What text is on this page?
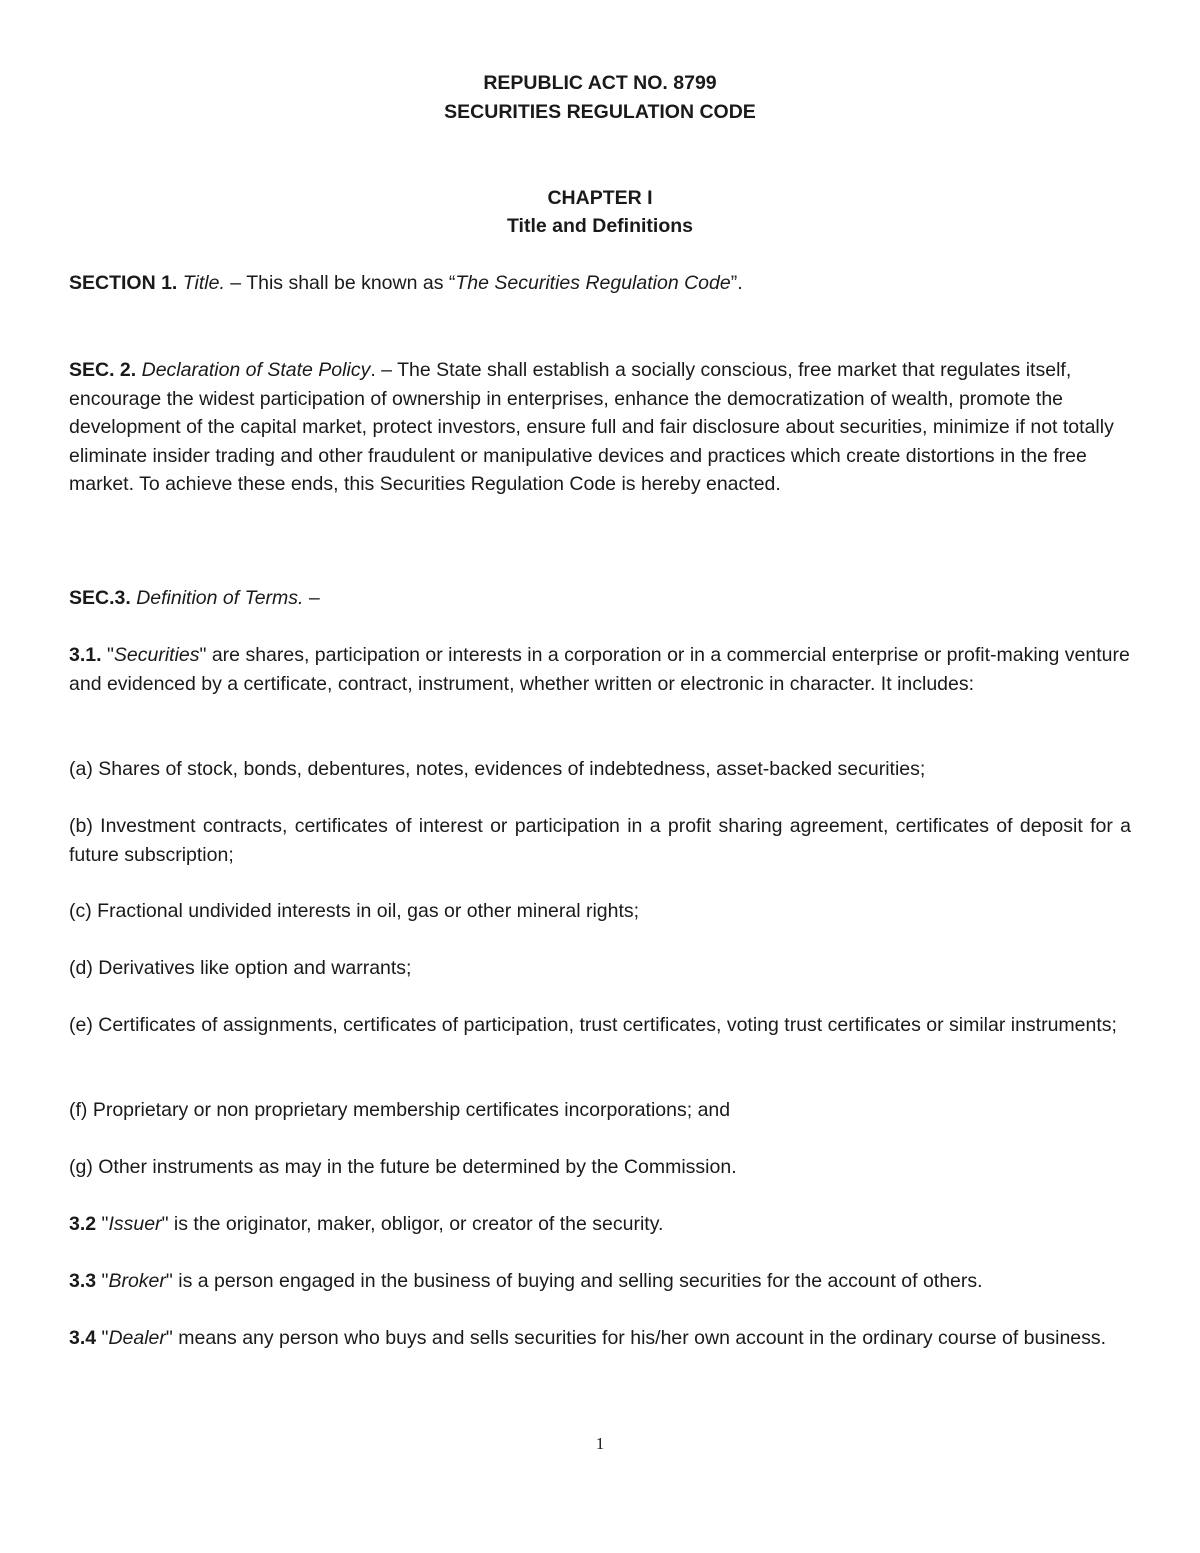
REPUBLIC ACT NO. 8799
SECURITIES REGULATION CODE
CHAPTER I
Title and Definitions

SECTION 1. Title. – This shall be known as “The Securities Regulation Code”.

SEC. 2. Declaration of State Policy. – The State shall establish a socially conscious, free market that regulates itself, encourage the widest participation of ownership in enterprises, enhance the democratization of wealth, promote the development of the capital market, protect investors, ensure full and fair disclosure about securities, minimize if not totally eliminate insider trading and other fraudulent or manipulative devices and practices which create distortions in the free market. To achieve these ends, this Securities Regulation Code is hereby enacted.

SEC.3. Definition of Terms. –

3.1. "Securities" are shares, participation or interests in a corporation or in a commercial enterprise or profit-making venture and evidenced by a certificate, contract, instrument, whether written or electronic in character. It includes:

(a) Shares of stock, bonds, debentures, notes, evidences of indebtedness, asset-backed securities;

(b) Investment contracts, certificates of interest or participation in a profit sharing agreement, certificates of deposit for a future subscription;

(c) Fractional undivided interests in oil, gas or other mineral rights;

(d) Derivatives like option and warrants;

(e) Certificates of assignments, certificates of participation, trust certificates, voting trust certificates or similar instruments;

(f) Proprietary or non proprietary membership certificates incorporations; and

(g) Other instruments as may in the future be determined by the Commission.

3.2 "Issuer" is the originator, maker, obligor, or creator of the security.

3.3 "Broker" is a person engaged in the business of buying and selling securities for the account of others.

3.4 "Dealer" means any person who buys and sells securities for his/her own account in the ordinary course of business.

1
